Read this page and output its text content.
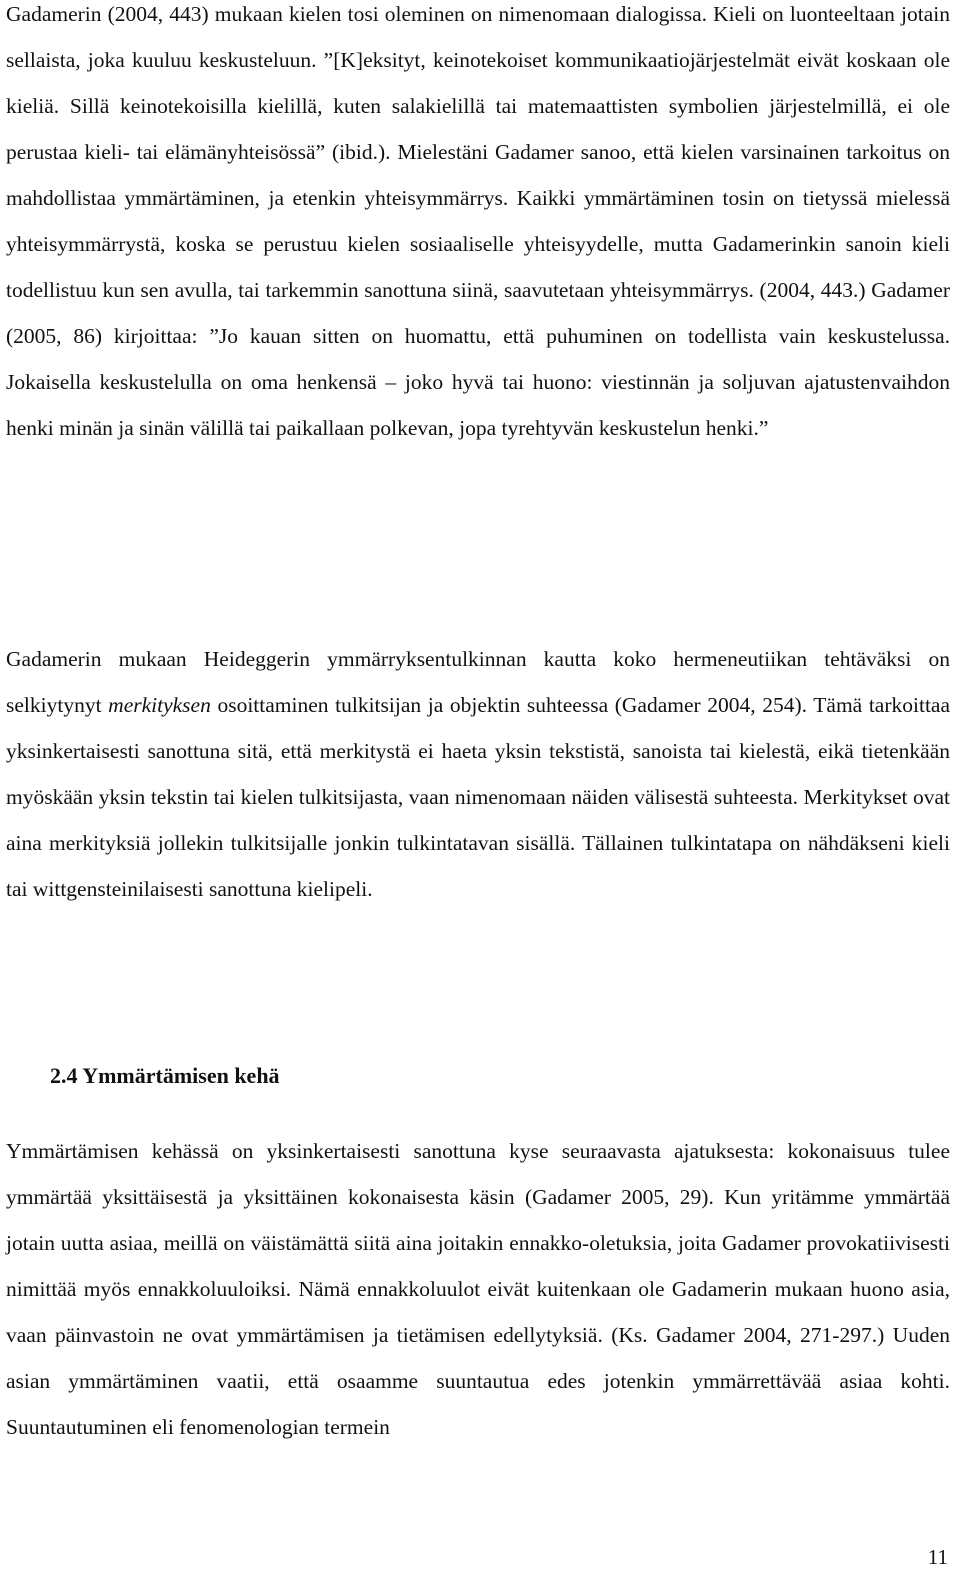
Gadamerin (2004, 443) mukaan kielen tosi oleminen on nimenomaan dialogissa. Kieli on luonteeltaan jotain sellaista, joka kuuluu keskusteluun. ”[K]eksityt, keinotekoiset kommunikaatiojärjestelmät eivät koskaan ole kieliä. Sillä keinotekoisilla kielillä, kuten salakielillä tai matemaattisten symbolien järjestelmillä, ei ole perustaa kieli- tai elämänyhteisössä” (ibid.). Mielestäni Gadamer sanoo, että kielen varsinainen tarkoitus on mahdollistaa ymmärtäminen, ja etenkin yhteisymmärrys. Kaikki ymmärtäminen tosin on tietyssä mielessä yhteisymmärrystä, koska se perustuu kielen sosiaaliselle yhteisyydelle, mutta Gadamerinkin sanoin kieli todellistuu kun sen avulla, tai tarkemmin sanottuna siinä, saavutetaan yhteisymmärrys. (2004, 443.) Gadamer (2005, 86) kirjoittaa: ”Jo kauan sitten on huomattu, että puhuminen on todellista vain keskustelussa. Jokaisella keskustelulla on oma henkensä – joko hyvä tai huono: viestinnän ja soljuvan ajatustenvaihdon henki minän ja sinän välillä tai paikallaan polkevan, jopa tyrehtyvän keskustelun henki.”

Gadamerin mukaan Heideggerin ymmärryksentulkinnan kautta koko hermeneutiikan tehtäväksi on selkiytynyt merkityksen osoittaminen tulkitsijan ja objektin suhteessa (Gadamer 2004, 254). Tämä tarkoittaa yksinkertaisesti sanottuna sitä, että merkitystä ei haeta yksin tekstistä, sanoista tai kielestä, eikä tietenkään myöskään yksin tekstin tai kielen tulkitsijasta, vaan nimenomaan näiden välisestä suhteesta. Merkitykset ovat aina merkityksiä jollekin tulkitsijalle jonkin tulkintatavan sisällä. Tällainen tulkintatapa on nähdäkseni kieli tai wittgensteinilaisesti sanottuna kielipeli.

2.4 Ymmärtämisen kehä

Ymmärtämisen kehässä on yksinkertaisesti sanottuna kyse seuraavasta ajatuksesta: kokonaisuus tulee ymmärtää yksittäisestä ja yksittäinen kokonaisesta käsin (Gadamer 2005, 29). Kun yritämme ymmärtää jotain uutta asiaa, meillä on väistämättä siitä aina joitakin ennakko-oletuksia, joita Gadamer provokatiivisesti nimittää myös ennakkoluuloiksi. Nämä ennakkoluulot eivät kuitenkaan ole Gadamerin mukaan huono asia, vaan päinvastoin ne ovat ymmärtämisen ja tietämisen edellytyksiä. (Ks. Gadamer 2004, 271-297.) Uuden asian ymmärtäminen vaatii, että osaamme suuntautua edes jotenkin ymmärrettävää asiaa kohti. Suuntautuminen eli fenomenologian termein

11
